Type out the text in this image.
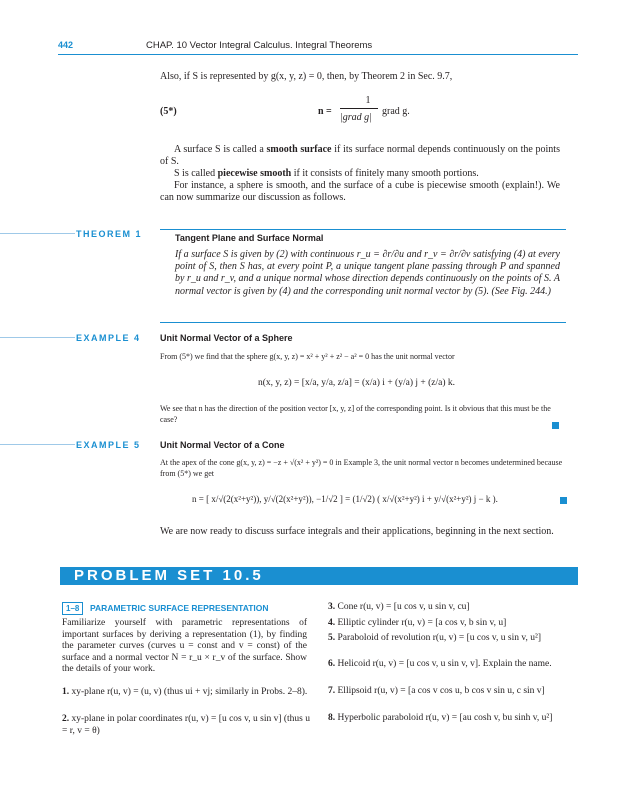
442	CHAP. 10 Vector Integral Calculus. Integral Theorems
Also, if S is represented by g(x, y, z) = 0, then, by Theorem 2 in Sec. 9.7,
(5*)	n =
1
|grad g|
grad g.
A surface S is called a smooth surface if its surface normal depends continuously on the points of S.
S is called piecewise smooth if it consists of finitely many smooth portions.
For instance, a sphere is smooth, and the surface of a cube is piecewise smooth (explain!). We can now summarize our discussion as follows.
THEOREM 1	Tangent Plane and Surface Normal
If a surface S is given by (2) with continuous r_u = ∂r/∂u and r_v = ∂r/∂v satisfying (4) at every point of S, then S has, at every point P, a unique tangent plane passing through P and spanned by r_u and r_v, and a unique normal whose direction depends continuously on the points of S. A normal vector is given by (4) and the corresponding unit normal vector by (5). (See Fig. 244.)
EXAMPLE 4 Unit Normal Vector of a Sphere
From (5*) we find that the sphere g(x, y, z) = x² + y² + z² − a² = 0 has the unit normal vector
n(x, y, z) = [x/a, y/a, z/a] = (x/a) i + (y/a) j + (z/a) k.
We see that n has the direction of the position vector [x, y, z] of the corresponding point. Is it obvious that this must be the case?
EXAMPLE 5 Unit Normal Vector of a Cone
At the apex of the cone g(x, y, z) = −z + √(x² + y²) = 0 in Example 3, the unit normal vector n becomes undetermined because from (5*) we get
n = [ x/√(2(x²+y²)), y/√(2(x²+y²)), −1/√2 ] = (1/√2) ( x/√(x²+y²) i + y/√(x²+y²) j − k ).
We are now ready to discuss surface integrals and their applications, beginning in the next section.
PROBLEM SET 10.5
1–8	PARAMETRIC SURFACE REPRESENTATION
Familiarize yourself with parametric representations of important surfaces by deriving a representation (1), by finding the parameter curves (curves u = const and v = const) of the surface and a normal vector N = r_u × r_v of the surface. Show the details of your work.
1. xy-plane r(u, v) = (u, v) (thus ui + vj; similarly in Probs. 2–8).
2. xy-plane in polar coordinates r(u, v) = [u cos v, u sin v] (thus u = r, v = θ)
3. Cone r(u, v) = [u cos v, u sin v, cu]
4. Elliptic cylinder r(u, v) = [a cos v, b sin v, u]
5. Paraboloid of revolution r(u, v) = [u cos v, u sin v, u²]
6. Helicoid r(u, v) = [u cos v, u sin v, v]. Explain the name.
7. Ellipsoid r(u, v) = [a cos v cos u, b cos v sin u, c sin v]
8. Hyperbolic paraboloid r(u, v) = [au cosh v, bu sinh v, u²]
